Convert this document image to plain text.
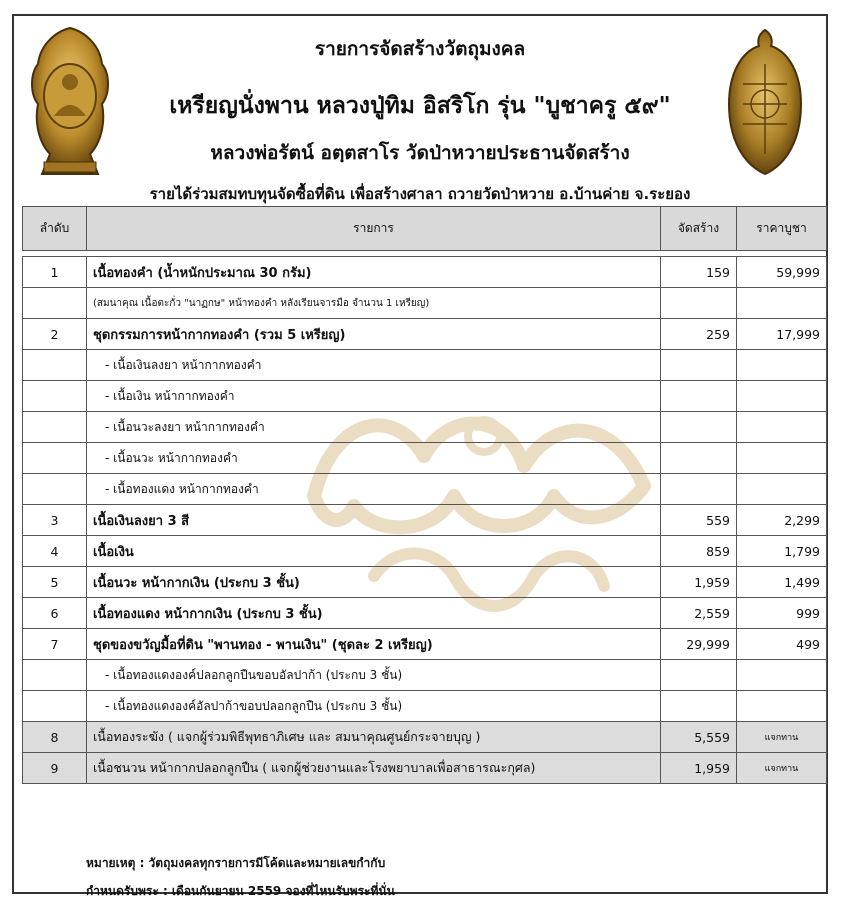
รายการจัดสร้างวัตถุมงคล
เหรียญนั่งพาน หลวงปู่ทิม อิสริโก รุ่น "บูชาครู ๕๙"
หลวงพ่อรัตน์ อตฺตสาโร วัดป่าหวายประธานจัดสร้าง
รายได้ร่วมสมทบทุนจัดซื้อที่ดิน เพื่อสร้างศาลา ถวายวัดป่าหวาย อ.บ้านค่าย จ.ระยอง
ลำดับ	รายการ	จัดสร้าง	ราคาบูชา

1	เนื้อทองคำ (น้ำหนักประมาณ 30 กรัม)	159	59,999
	(สมนาคุณ เนื้อตะกั่ว "นาฏกษ" หน้าทองคำ หลังเรียนจารมือ จำนวน 1 เหรียญ)		
2	ชุดกรรมการหน้ากากทองคำ (รวม 5 เหรียญ)	259	17,999
	- เนื้อเงินลงยา หน้ากากทองคำ		
	- เนื้อเงิน หน้ากากทองคำ		
	- เนื้อนวะลงยา หน้ากากทองคำ		
	- เนื้อนวะ หน้ากากทองคำ		
	- เนื้อทองแดง หน้ากากทองคำ		
3	เนื้อเงินลงยา 3 สี	559	2,299
4	เนื้อเงิน	859	1,799
5	เนื้อนวะ หน้ากากเงิน (ประกบ 3 ชั้น)	1,959	1,499
6	เนื้อทองแดง หน้ากากเงิน (ประกบ 3 ชั้น)	2,559	999
7	ชุดของขวัญมื้อที่ดิน "พานทอง - พานเงิน" (ชุดละ 2 เหรียญ)	29,999	499
	- เนื้อทองแดงองค์ปลอกลูกปืนขอบอัลปาก้า (ประกบ 3 ชั้น)		
	- เนื้อทองแดงองค์อัลปาก้าขอบปลอกลูกปืน (ประกบ 3 ชั้น)		
8	เนื้อทองระฆัง ( แจกผู้ร่วมพิธีพุทธาภิเศษ และ สมนาคุณศูนย์กระจายบุญ )	5,559	แจกทาน
9	เนื้อชนวน หน้ากากปลอกลูกปืน ( แจกผู้ช่วยงานและโรงพยาบาลเพื่อสาธารณะกุศล)	1,959	แจกทาน
หมายเหตุ : วัตถุมงคลทุกรายการมีโค้ดและหมายเลขกำกับ
กำหนดรับพระ : เดือนกันยายน 2559 จองที่ไหนรับพระที่นั่น
